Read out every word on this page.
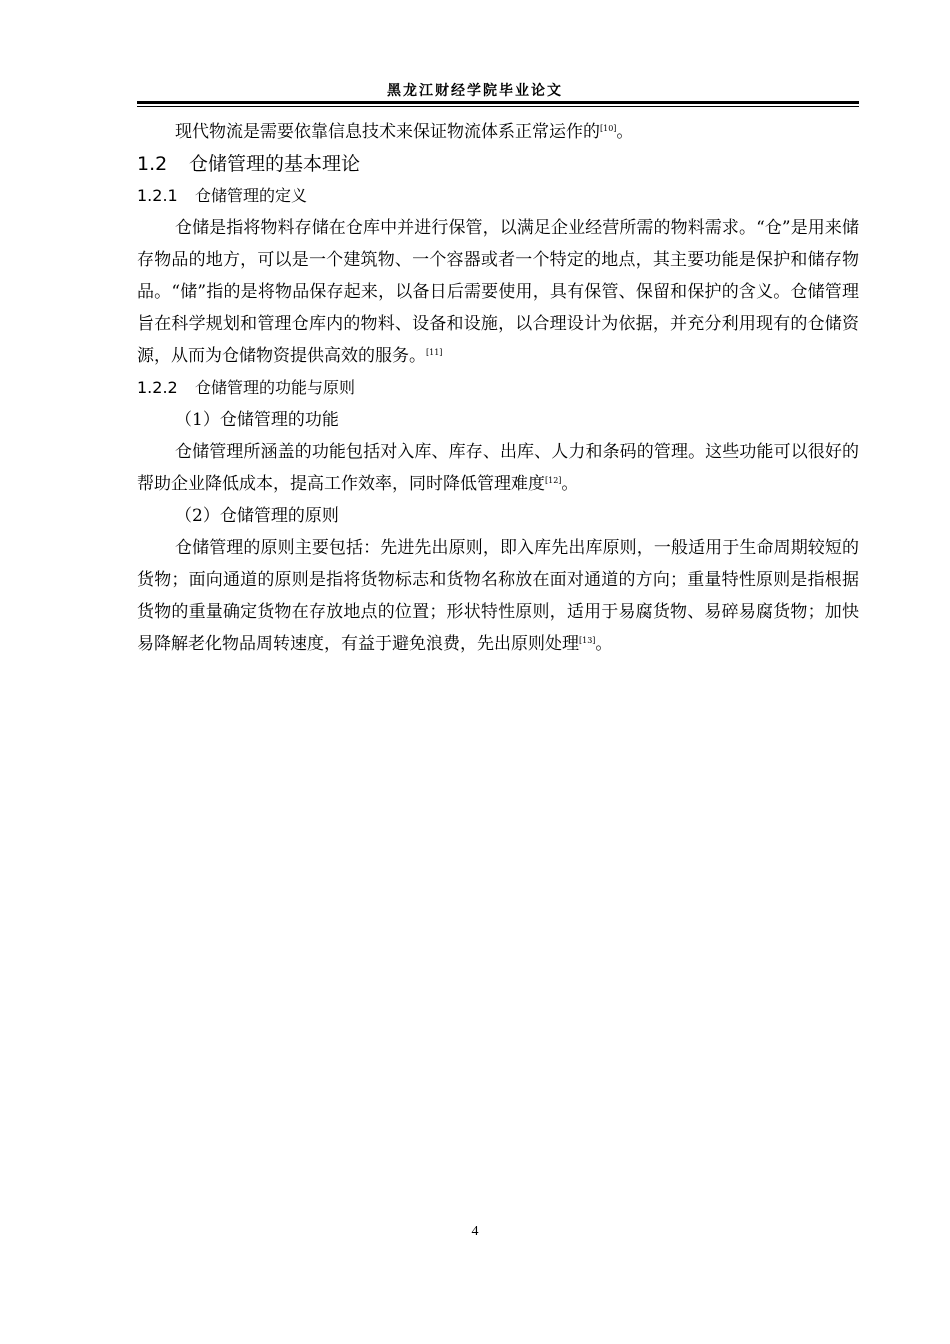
黑龙江财经学院毕业论文

现代物流是需要依靠信息技术来保证物流体系正常运作的[10]。

1.2 仓储管理的基本理论
1.2.1 仓储管理的定义

仓储是指将物料存储在仓库中并进行保管，以满足企业经营所需的物料需求。“仓”是用来储存物品的地方，可以是一个建筑物、一个容器或者一个特定的地点，其主要功能是保护和储存物品。“储”指的是将物品保存起来，以备日后需要使用，具有保管、保留和保护的含义。仓储管理旨在科学规划和管理仓库内的物料、设备和设施，以合理设计为依据，并充分利用现有的仓储资源，从而为仓储物资提供高效的服务。[11]

1.2.2 仓储管理的功能与原则

（1）仓储管理的功能

仓储管理所涵盖的功能包括对入库、库存、出库、人力和条码的管理。这些功能可以很好的帮助企业降低成本，提高工作效率，同时降低管理难度[12]。

（2）仓储管理的原则

仓储管理的原则主要包括：先进先出原则，即入库先出库原则，一般适用于生命周期较短的货物；面向通道的原则是指将货物标志和货物名称放在面对通道的方向；重量特性原则是指根据货物的重量确定货物在存放地点的位置；形状特性原则，适用于易腐货物、易碎易腐货物；加快易降解老化物品周转速度，有益于避免浪费，先出原则处理[13]。

4
